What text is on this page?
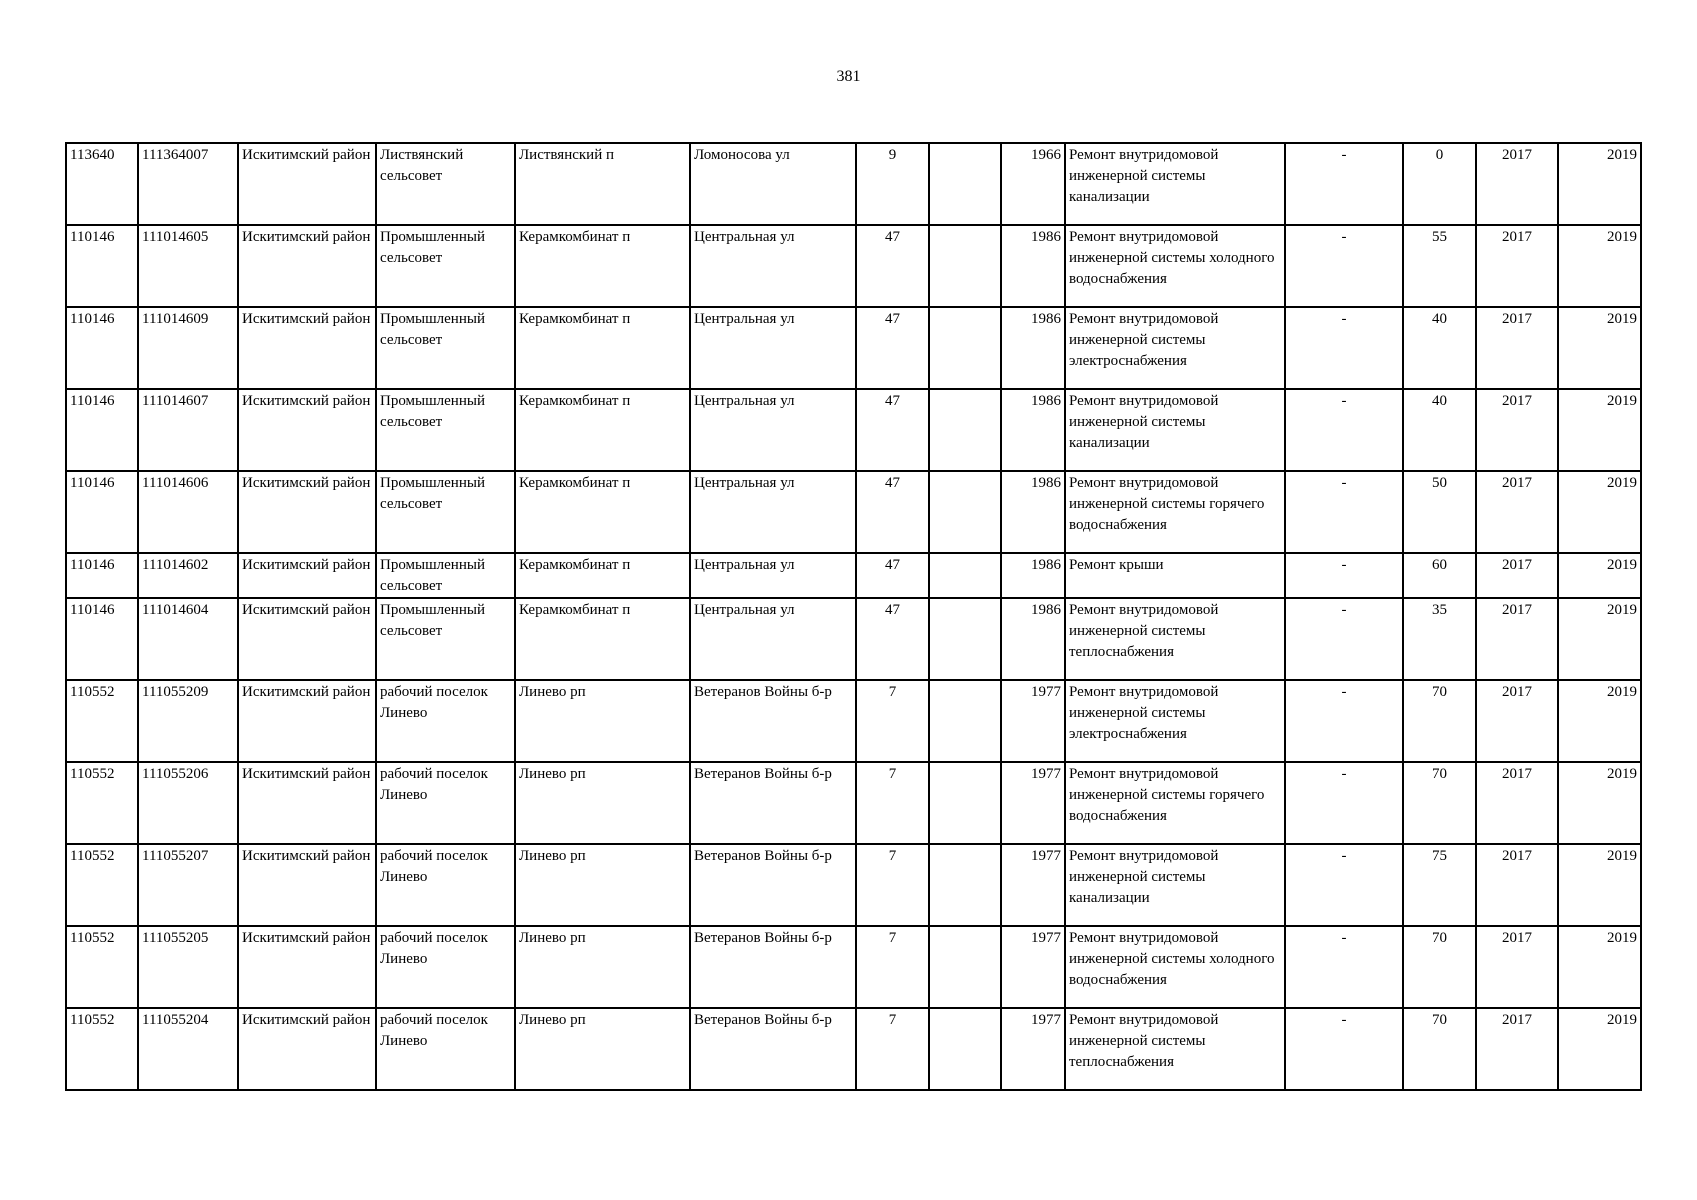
381
113640	111364007	Искитимский район	Листвянский сельсовет	Листвянский п	Ломоносова ул	9		1966	Ремонт внутридомовой инженерной системы канализации	-	0	2017	2019
110146	111014605	Искитимский район	Промышленный сельсовет	Керамкомбинат п	Центральная ул	47		1986	Ремонт внутридомовой инженерной системы холодного водоснабжения	-	55	2017	2019
110146	111014609	Искитимский район	Промышленный сельсовет	Керамкомбинат п	Центральная ул	47		1986	Ремонт внутридомовой инженерной системы электроснабжения	-	40	2017	2019
110146	111014607	Искитимский район	Промышленный сельсовет	Керамкомбинат п	Центральная ул	47		1986	Ремонт внутридомовой инженерной системы канализации	-	40	2017	2019
110146	111014606	Искитимский район	Промышленный сельсовет	Керамкомбинат п	Центральная ул	47		1986	Ремонт внутридомовой инженерной системы горячего водоснабжения	-	50	2017	2019
110146	111014602	Искитимский район	Промышленный сельсовет	Керамкомбинат п	Центральная ул	47		1986	Ремонт крыши	-	60	2017	2019
110146	111014604	Искитимский район	Промышленный сельсовет	Керамкомбинат п	Центральная ул	47		1986	Ремонт внутридомовой инженерной системы теплоснабжения	-	35	2017	2019
110552	111055209	Искитимский район	рабочий поселок Линево	Линево рп	Ветеранов Войны б-р	7		1977	Ремонт внутридомовой инженерной системы электроснабжения	-	70	2017	2019
110552	111055206	Искитимский район	рабочий поселок Линево	Линево рп	Ветеранов Войны б-р	7		1977	Ремонт внутридомовой инженерной системы горячего водоснабжения	-	70	2017	2019
110552	111055207	Искитимский район	рабочий поселок Линево	Линево рп	Ветеранов Войны б-р	7		1977	Ремонт внутридомовой инженерной системы канализации	-	75	2017	2019
110552	111055205	Искитимский район	рабочий поселок Линево	Линево рп	Ветеранов Войны б-р	7		1977	Ремонт внутридомовой инженерной системы холодного водоснабжения	-	70	2017	2019
110552	111055204	Искитимский район	рабочий поселок Линево	Линево рп	Ветеранов Войны б-р	7		1977	Ремонт внутридомовой инженерной системы теплоснабжения	-	70	2017	2019
